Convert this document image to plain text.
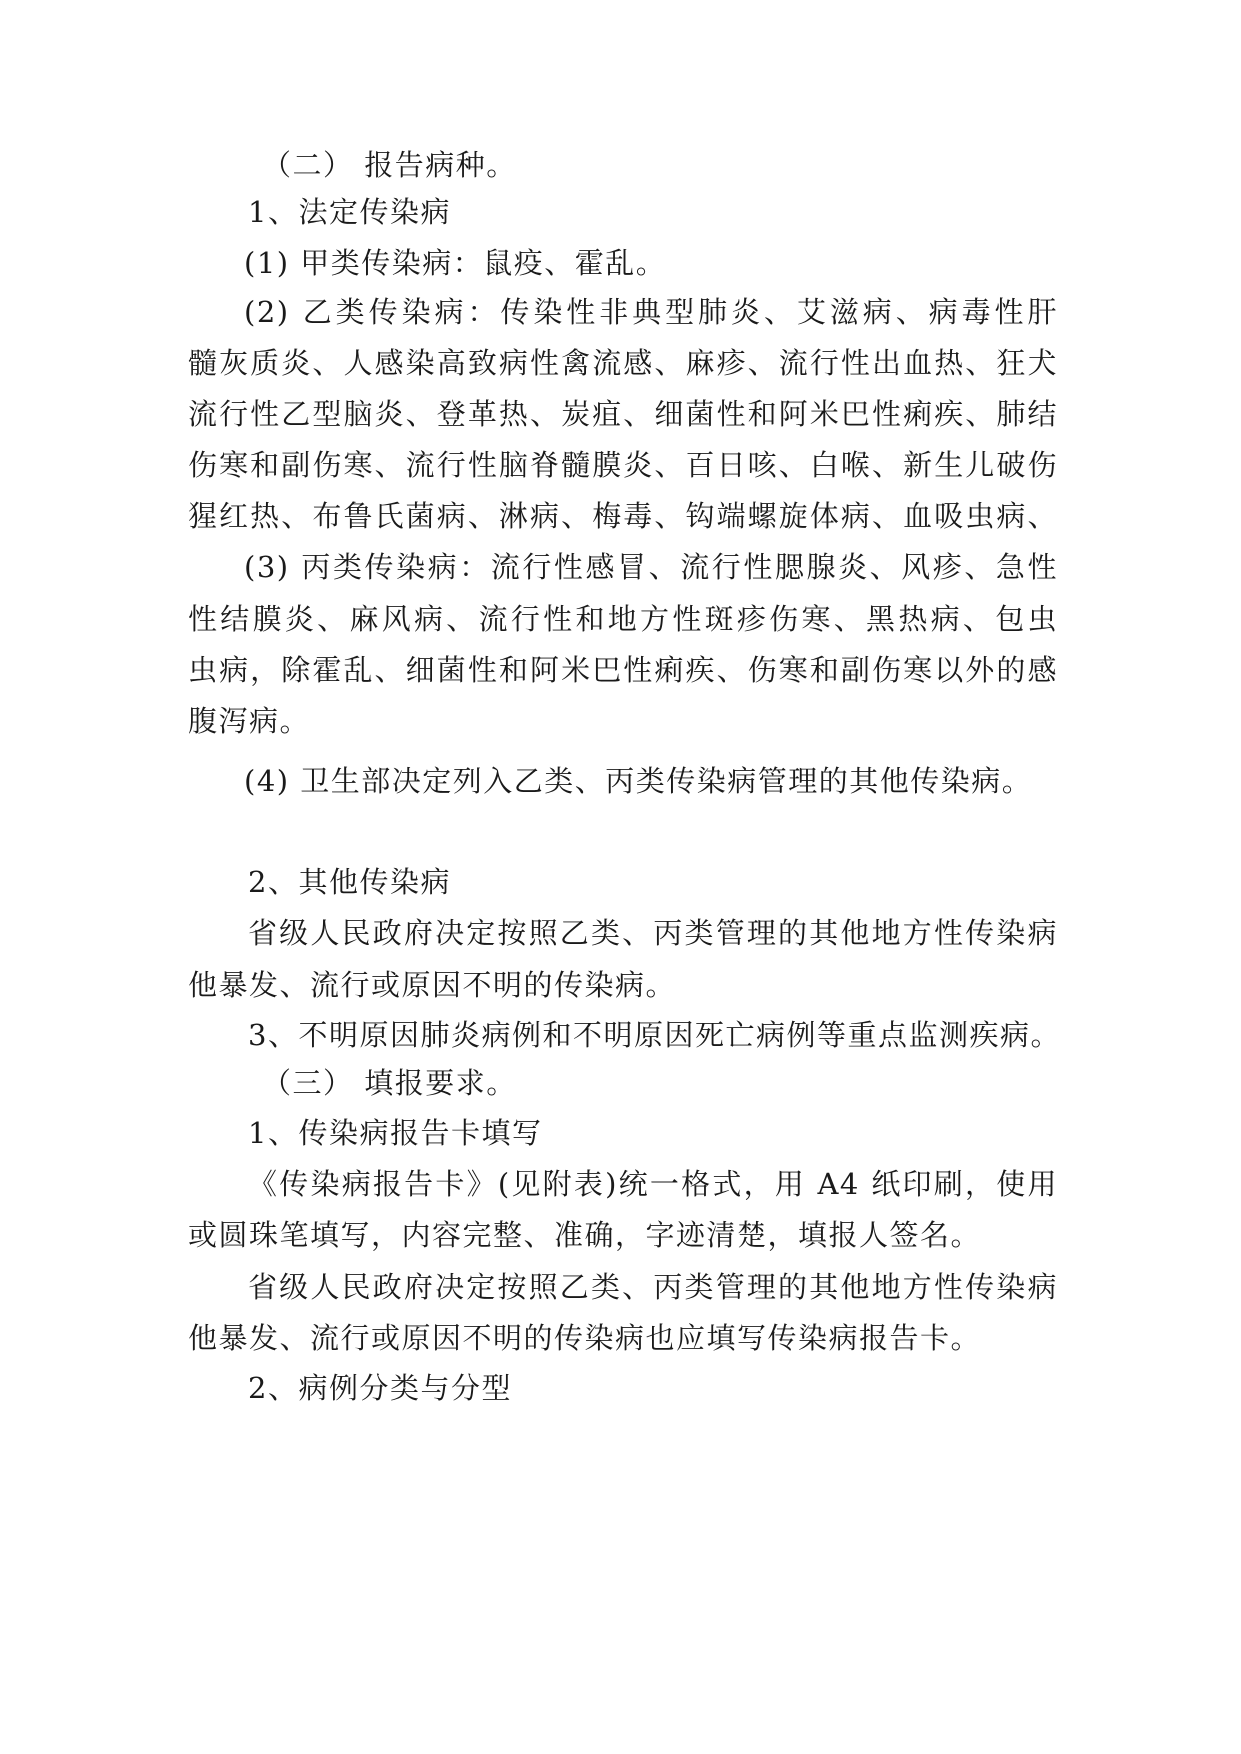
（二） 报告病种。
1、法定传染病
(1) 甲类传染病：鼠疫、霍乱。
(2) 乙类传染病：传染性非典型肺炎、艾滋病、病毒性肝
髓灰质炎、人感染高致病性禽流感、麻疹、流行性出血热、狂犬
流行性乙型脑炎、登革热、炭疽、细菌性和阿米巴性痢疾、肺结
伤寒和副伤寒、流行性脑脊髓膜炎、百日咳、白喉、新生儿破伤
猩红热、布鲁氏菌病、淋病、梅毒、钩端螺旋体病、血吸虫病、
(3) 丙类传染病：流行性感冒、流行性腮腺炎、风疹、急性
性结膜炎、麻风病、流行性和地方性斑疹伤寒、黑热病、包虫
虫病，除霍乱、细菌性和阿米巴性痢疾、伤寒和副伤寒以外的感
腹泻病。
(4) 卫生部决定列入乙类、丙类传染病管理的其他传染病。
2、其他传染病
省级人民政府决定按照乙类、丙类管理的其他地方性传染病
他暴发、流行或原因不明的传染病。
3、不明原因肺炎病例和不明原因死亡病例等重点监测疾病。
（三） 填报要求。
1、传染病报告卡填写
《传染病报告卡》(见附表)统一格式，用 A4 纸印刷，使用
或圆珠笔填写，内容完整、准确，字迹清楚，填报人签名。
省级人民政府决定按照乙类、丙类管理的其他地方性传染病
他暴发、流行或原因不明的传染病也应填写传染病报告卡。
2、病例分类与分型
